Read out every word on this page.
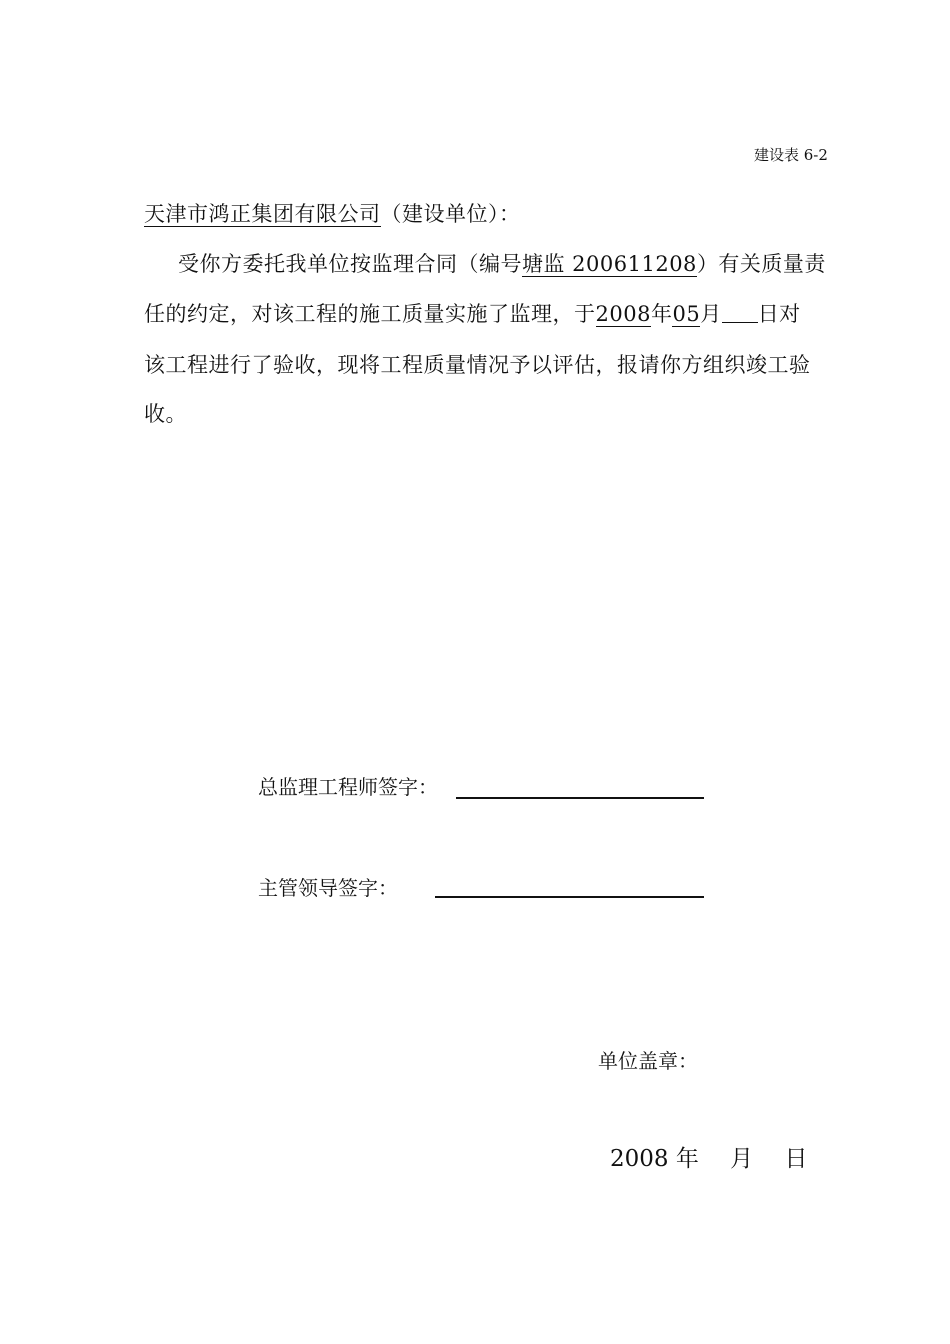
建设表 6-2
天津市鸿正集团有限公司（建设单位）：
受你方委托我单位按监理合同（编号塘监 200611208）有关质量责
任的约定，对该工程的施工质量实施了监理，于2008年05月 日对
该工程进行了验收，现将工程质量情况予以评估，报请你方组织竣工验
收。
总监理工程师签字：
主管领导签字：
单位盖章：
2008 年 月 日
